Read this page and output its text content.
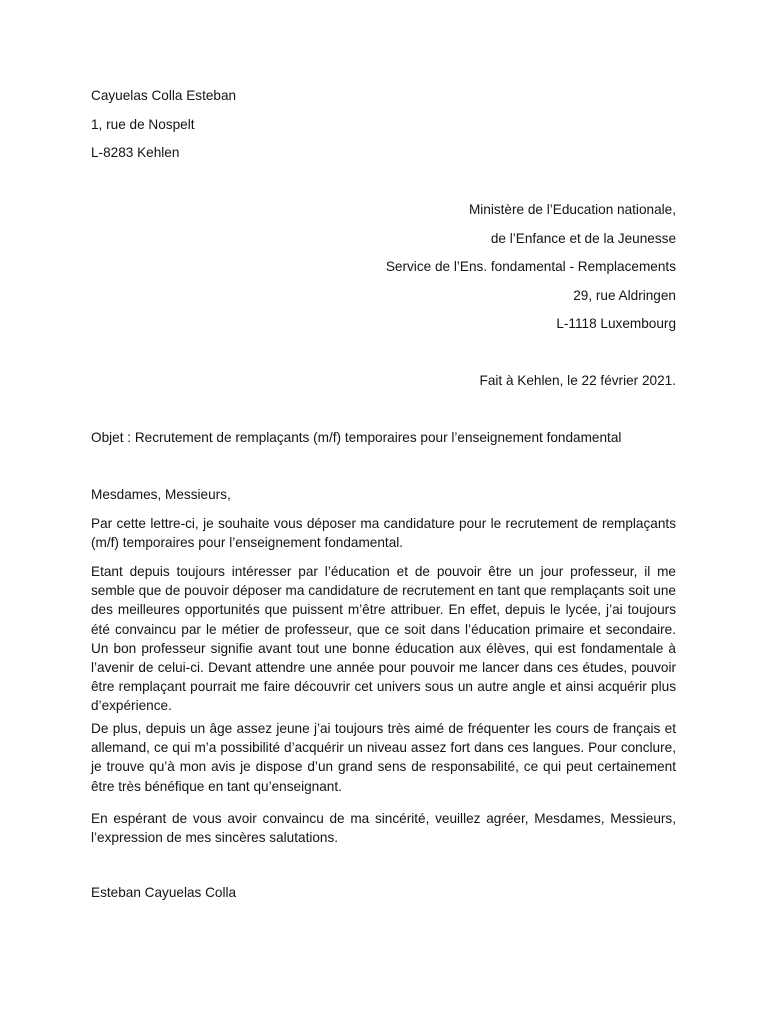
Cayuelas Colla Esteban
1, rue de Nospelt
L-8283 Kehlen
Ministère de l’Education nationale,
de l’Enfance et de la Jeunesse
Service de l’Ens. fondamental - Remplacements
29, rue Aldringen
L-1118 Luxembourg
Fait à Kehlen, le 22 février 2021.
Objet : Recrutement de remplaçants (m/f) temporaires pour l’enseignement fondamental
Mesdames, Messieurs,
Par cette lettre-ci, je souhaite vous déposer ma candidature pour le recrutement de remplaçants (m/f) temporaires pour l’enseignement fondamental.
Etant depuis toujours intéresser par l’éducation et de pouvoir être un jour professeur, il me semble que de pouvoir déposer ma candidature de recrutement en tant que remplaçants soit une des meilleures opportunités que puissent m’être attribuer. En effet, depuis le lycée, j’ai toujours été convaincu par le métier de professeur, que ce soit dans l’éducation primaire et secondaire. Un bon professeur signifie avant tout une bonne éducation aux élèves, qui est fondamentale à l’avenir de celui-ci. Devant attendre une année pour pouvoir me lancer dans ces études, pouvoir être remplaçant pourrait me faire découvrir cet univers sous un autre angle et ainsi acquérir plus d’expérience.
De plus, depuis un âge assez jeune j’ai toujours très aimé de fréquenter les cours de français et allemand, ce qui m’a possibilité d’acquérir un niveau assez fort dans ces langues. Pour conclure, je trouve qu’à mon avis je dispose d’un grand sens de responsabilité, ce qui peut certainement être très bénéfique en tant qu’enseignant.
En espérant de vous avoir convaincu de ma sincérité, veuillez agréer, Mesdames, Messieurs, l’expression de mes sincères salutations.
Esteban Cayuelas Colla
